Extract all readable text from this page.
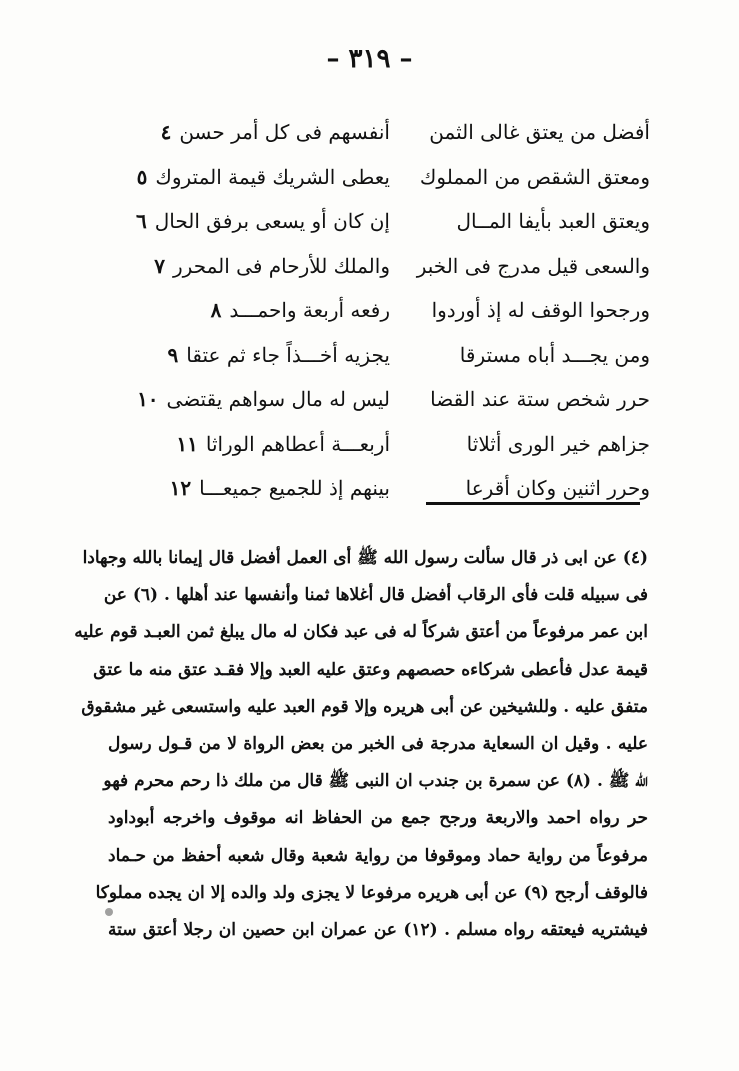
– ٣١٩ –
أفضل من يعتق غالى الثمن
أنفسهم فى كل أمر حسن٤
ومعتق الشقص من المملوك
يعطى الشريك قيمة المتروك٥
ويعتق العبد بأيفا المــال
إن كان أو يسعى برفق الحال٦
والسعى قيل مدرج فى الخبر
والملك للأرحام فى المحرر٧
ورجحوا الوقف له إذ أوردوا
رفعه أربعة واحمـــد٨
ومن يجـــد أباه مسترقا
يجزيه أخـــذاً جاء ثم عتقا٩
حرر شخص ستة عند القضا
ليس له مال سواهم يقتضى١٠
جزاهم خير الورى أثلاثا
أربعـــة أعطاهم الوراثا١١
وحرر اثنين وكان أقرعا
بينهم إذ للجميع جميعـــا١٢
(٤) عن ابى ذر قال سألت رسول الله ﷺ أى العمل أفضل قال إيمانا بالله وجهادا
فى سبيله قلت فأى الرقاب أفضل قال أغلاها ثمنا وأنفسها عند أهلها . (٦) عن
ابن عمر مرفوعاً من أعتق شركاً له فى عبد فكان له مال يبلغ ثمن العبـد قوم عليه
قيمة عدل فأعطى شركاءه حصصهم وعتق عليه العبد وإلا فقـد عتق منه ما عتق
متفق عليه . وللشيخين عن أبى هريره وإلا قوم العبد عليه واستسعى غير مشقوق
عليه . وقيل ان السعاية مدرجة فى الخبر من بعض الرواة لا من قـول رسول
الله ﷺ . (٨) عن سمرة بن جندب ان النبى ﷺ قال من ملك ذا رحم محرم فهو
حر رواه احمد والاربعة ورجح جمع من الحفاظ انه موقوف واخرجه أبوداود
مرفوعاً من رواية حماد وموقوفا من رواية شعبة وقال شعبه أحفظ من حـماد
فالوقف أرجح (٩) عن أبى هريره مرفوعا لا يجزى ولد والده إلا ان يجده مملوكا
فيشتريه فيعتقه رواه مسلم . (١٢) عن عمران ابن حصين ان رجلا أعتق ستة
